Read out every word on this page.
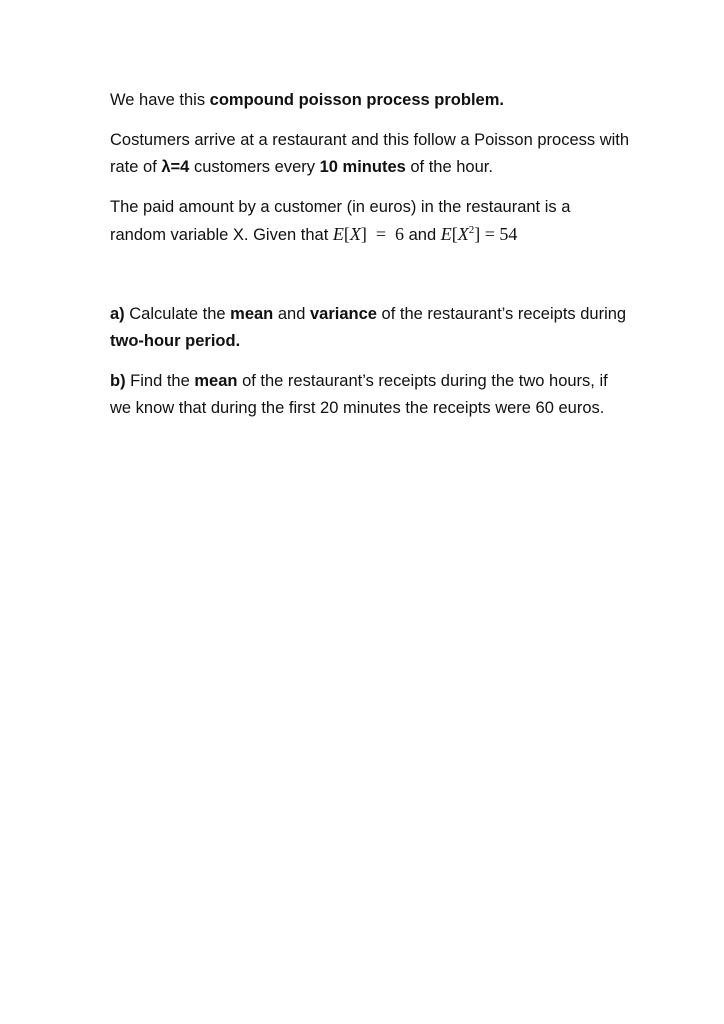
We have this compound poisson process problem.

Costumers arrive at a restaurant and this follow a Poisson process with rate of λ=4 customers every 10 minutes of the hour.

The paid amount by a customer (in euros) in the restaurant is a random variable X. Given that E[X]  =  6 and $E[X^2] = 54$

a) Calculate the mean and variance of the restaurant’s receipts during two-hour period.

b) Find the mean of the restaurant’s receipts during the two hours, if we know that during the first 20 minutes the receipts were 60 euros.
